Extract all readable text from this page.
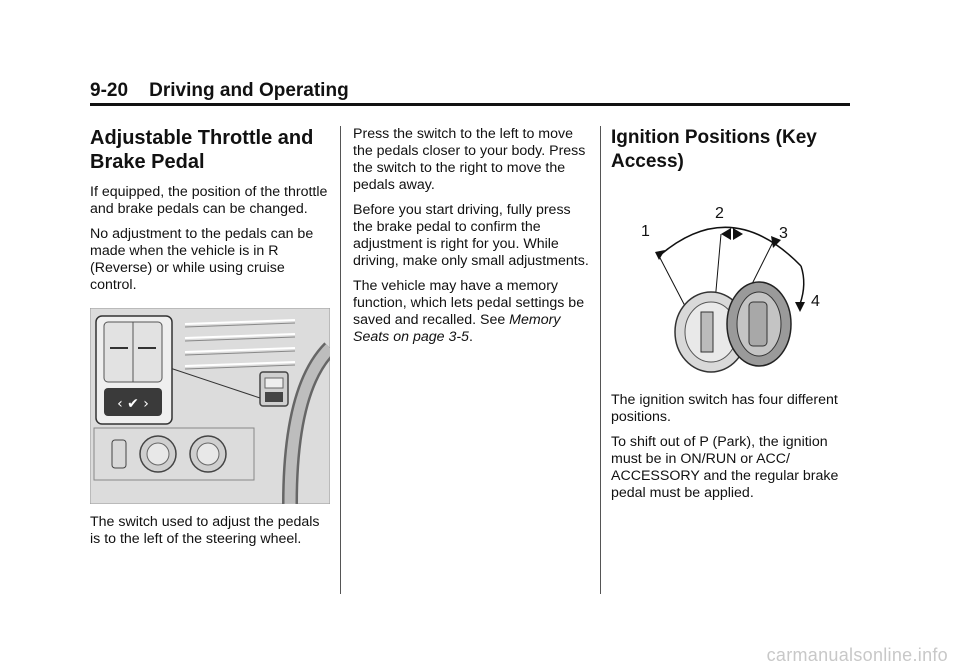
9-20 Driving and Operating
Adjustable Throttle and Brake Pedal

If equipped, the position of the throttle and brake pedals can be changed.

No adjustment to the pedals can be made when the vehicle is in R (Reverse) or while using cruise control.

‹ ✔ ›

The switch used to adjust the pedals is to the left of the steering wheel.

Press the switch to the left to move the pedals closer to your body. Press the switch to the right to move the pedals away.

Before you start driving, fully press the brake pedal to confirm the adjustment is right for you. While driving, make only small adjustments.

The vehicle may have a memory function, which lets pedal settings be saved and recalled. See Memory Seats on page 3-5.

Ignition Positions (Key Access)
1
2
3
4

The ignition switch has four different positions.

To shift out of P (Park), the ignition must be in ON/RUN or ACC/ ACCESSORY and the regular brake pedal must be applied.

carmanualsonline.info
